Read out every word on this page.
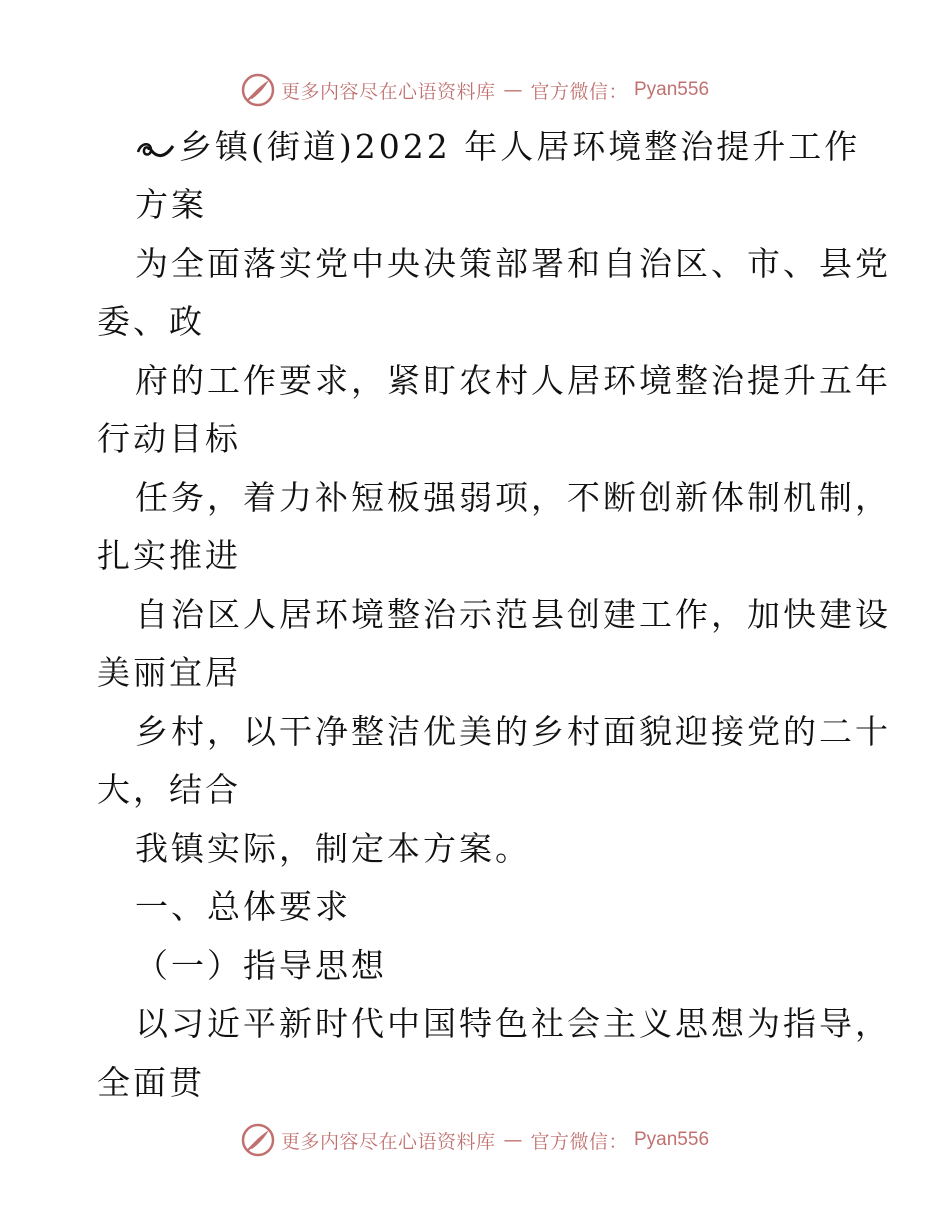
更多内容尽在心语资料库 — 官方微信： Pyan556
乡镇(街道)2022 年人居环境整治提升工作
方案
为全面落实党中央决策部署和自治区、市、县党
委、政
府的工作要求，紧盯农村人居环境整治提升五年
行动目标
任务，着力补短板强弱项，不断创新体制机制，
扎实推进
自治区人居环境整治示范县创建工作，加快建设
美丽宜居
乡村，以干净整洁优美的乡村面貌迎接党的二十
大，结合
我镇实际，制定本方案。
一、总体要求
（一）指导思想
以习近平新时代中国特色社会主义思想为指导，
全面贯
更多内容尽在心语资料库 — 官方微信： Pyan556
